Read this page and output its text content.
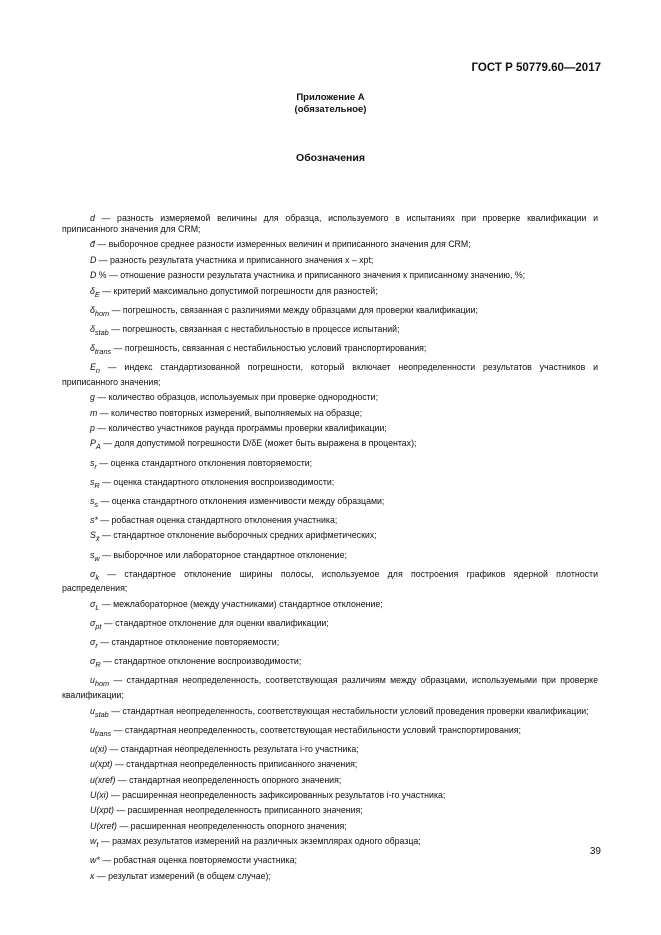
ГОСТ Р 50779.60—2017
Приложение А
(обязательное)
Обозначения

d — разность измеряемой величины для образца, используемого в испытаниях при проверке квалификации и приписанного значения для CRM;

d̄ — выборочное среднее разности измеренных величин и приписанного значения для CRM;

D — разность результата участника и приписанного значения x – xpt;

D % — отношение разности результата участника и приписанного значения к приписанному значению, %;

$\delta_E$ — критерий максимально допустимой погрешности для разностей;

$\delta_{hom}$ — погрешность, связанная с различиями между образцами для проверки квалификации;

$\delta_{stab}$ — погрешность, связанная с нестабильностью в процессе испытаний;

$\delta_{trans}$ — погрешность, связанная с нестабильностью условий транспортирования;

$E_n$ — индекс стандартизованной погрешности, который включает неопределенности результатов участников и приписанного значения;

g — количество образцов, используемых при проверке однородности;

m — количество повторных измерений, выполняемых на образце;

p — количество участников раунда программы проверки квалификации;

$P_A$ — доля допустимой погрешности D/δE (может быть выражена в процентах);

$s_r$ — оценка стандартного отклонения повторяемости;

$s_R$ — оценка стандартного отклонения воспроизводимости;

$s_s$ — оценка стандартного отклонения изменчивости между образцами;

s* — робастная оценка стандартного отклонения участника;

$S_{x̄}$ — стандартное отклонение выборочных средних арифметических;

$s_w$ — выборочное или лабораторное стандартное отклонение;

$\sigma_k$ — стандартное отклонение ширины полосы, используемое для построения графиков ядерной плотности распределения;

$\sigma_L$ — межлабораторное (между участниками) стандартное отклонение;

$\sigma_{pt}$ — стандартное отклонение для оценки квалификации;

$\sigma_r$ — стандартное отклонение повторяемости;

$\sigma_R$ — стандартное отклонение воспроизводимости;

$u_{hom}$ — стандартная неопределенность, соответствующая различиям между образцами, используемыми при проверке квалификации;

$u_{stab}$ — стандартная неопределенность, соответствующая нестабильности условий проведения проверки квалификации;

$u_{trans}$ — стандартная неопределенность, соответствующая нестабильности условий транспортирования;

u(xi) — стандартная неопределенность результата i-го участника;

u(xpt) — стандартная неопределенность приписанного значения;

u(xref) — стандартная неопределенность опорного значения;

U(xi) — расширенная неопределенность зафиксированных результатов i-го участника;

U(xpt) — расширенная неопределенность приписанного значения;

U(xref) — расширенная неопределенность опорного значения;

$w_t$ — размах результатов измерений на различных экземплярах одного образца;

w* — робастная оценка повторяемости участника;

x — результат измерений (в общем случае);

39
